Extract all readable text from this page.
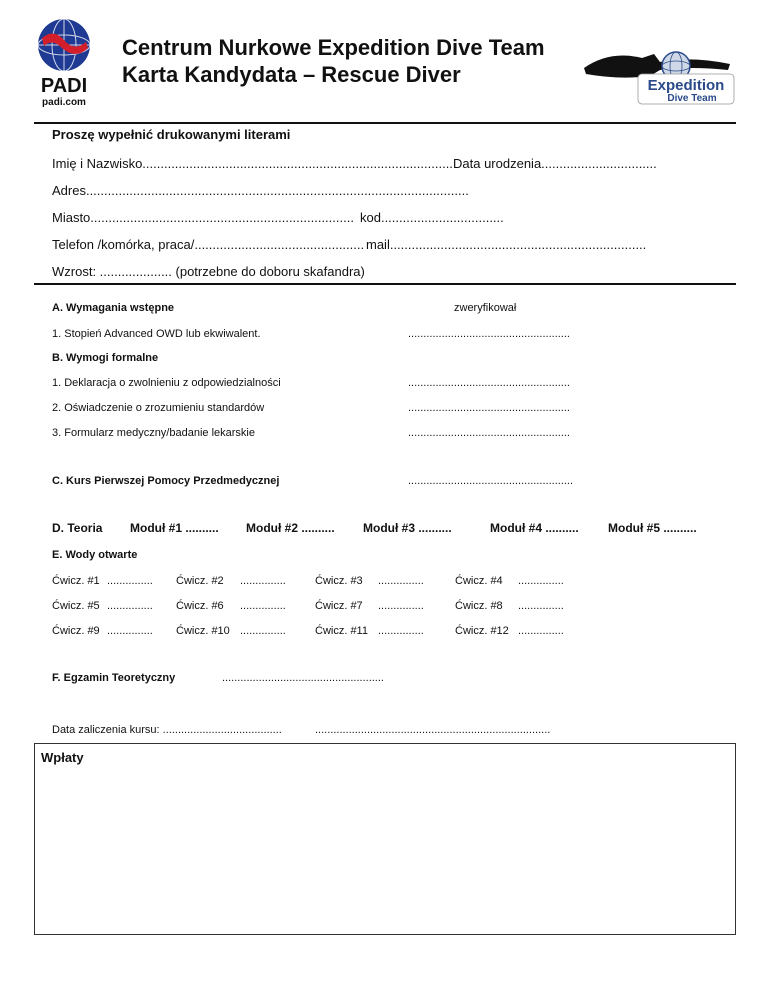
PADI
padi.com
Centrum Nurkowe Expedition Dive Team
Karta Kandydata – Rescue Diver	Expedition
Dive Team
Proszę wypełnić drukowanymi literami
Imię i Nazwisko...................................................................................... Data urodzenia................................
Adres..........................................................................................................
Miasto......................................................................... kod..................................
Telefon /komórka, praca/............................................... mail.......................................................................
Wzrost: .................... (potrzebne do doboru skafandra)
A. Wymagania wstępne	zweryfikował
1. Stopień Advanced OWD lub ekwiwalent.	.....................................................
B. Wymogi formalne
1. Deklaracja o zwolnieniu z odpowiedzialności	.....................................................
2. Oświadczenie o zrozumieniu standardów	.....................................................
3. Formularz medyczny/badanie lekarskie	.....................................................
C. Kurs Pierwszej Pomocy Przedmedycznej	......................................................
D. Teoria Moduł #1 .......... Moduł #2 .......... Moduł #3 ..........	Moduł #4 .......... Moduł #5 ..........
E. Wody otwarte
Ćwicz. #1 ............... Ćwicz. #2 ...............	Ćwicz. #3 ...............	Ćwicz. #4 ...............
Ćwicz. #5 ............... Ćwicz. #6 ...............	Ćwicz. #7 ...............	Ćwicz. #8 ...............
Ćwicz. #9 ............... Ćwicz. #10 ...............	Ćwicz. #11 ...............	Ćwicz. #12 ...............
F. Egzamin Teoretyczny	.....................................................
Data zaliczenia kursu: .......................................	.............................................................................
Wpłaty
